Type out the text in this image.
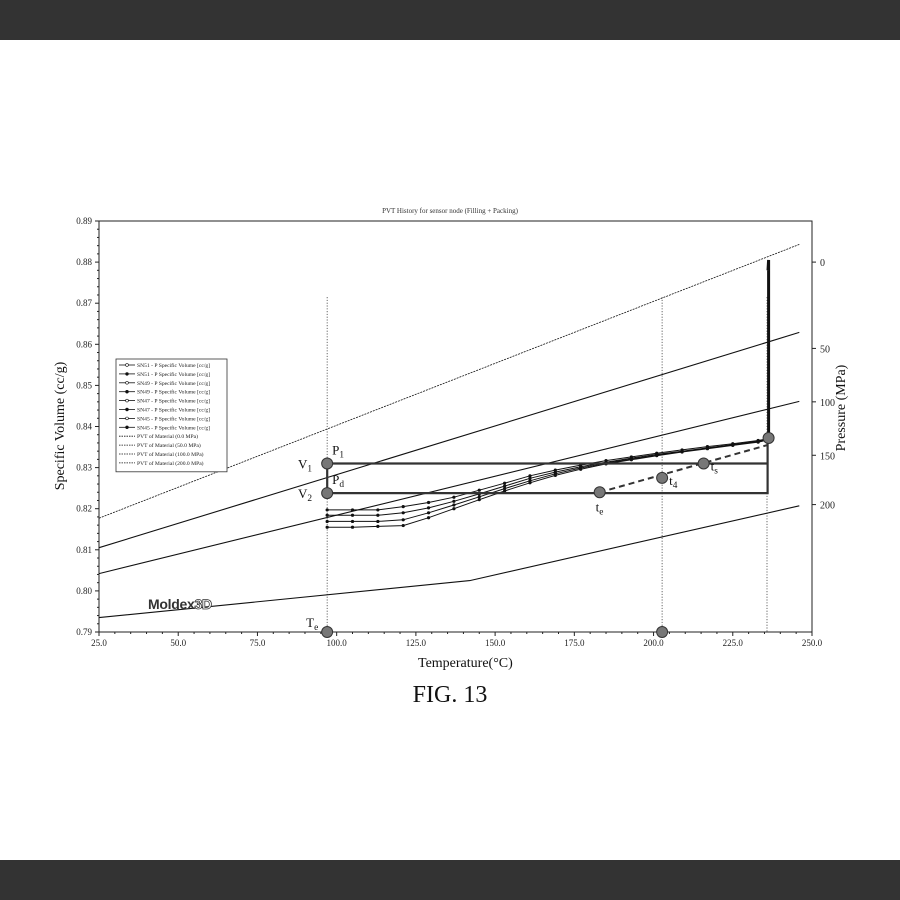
PVT History for sensor node (Filling + Packing)
25.0	50.0	75.0	100.0	125.0	150.0	175.0	200.0	225.0	250.0
0.79
0.80
0.81
0.82
0.83
0.84
0.85
0.86
0.87
0.88
0.89
0
50
100
150
200
$P_1$
$P_d$
$t_e$
$t_4$
$t_s$
$T_e$
$V_1$
$V_2$
SN51 - P Specific Volume [cc/g]
SN51 - P Specific Volume [cc/g]
SN49 - P Specific Volume [cc/g]
SN49 - P Specific Volume [cc/g]
SN47 - P Specific Volume [cc/g]
SN47 - P Specific Volume [cc/g]
SN45 - P Specific Volume [cc/g]
SN45 - P Specific Volume [cc/g]
PVT of Material (0.0 MPa)
PVT of Material (50.0 MPa)
PVT of Material (100.0 MPa)
PVT of Material (200.0 MPa)
Temperature(°C)
Specific Volume (cc/g)	Pressure (MPa)
Moldex3D
FIG. 13
